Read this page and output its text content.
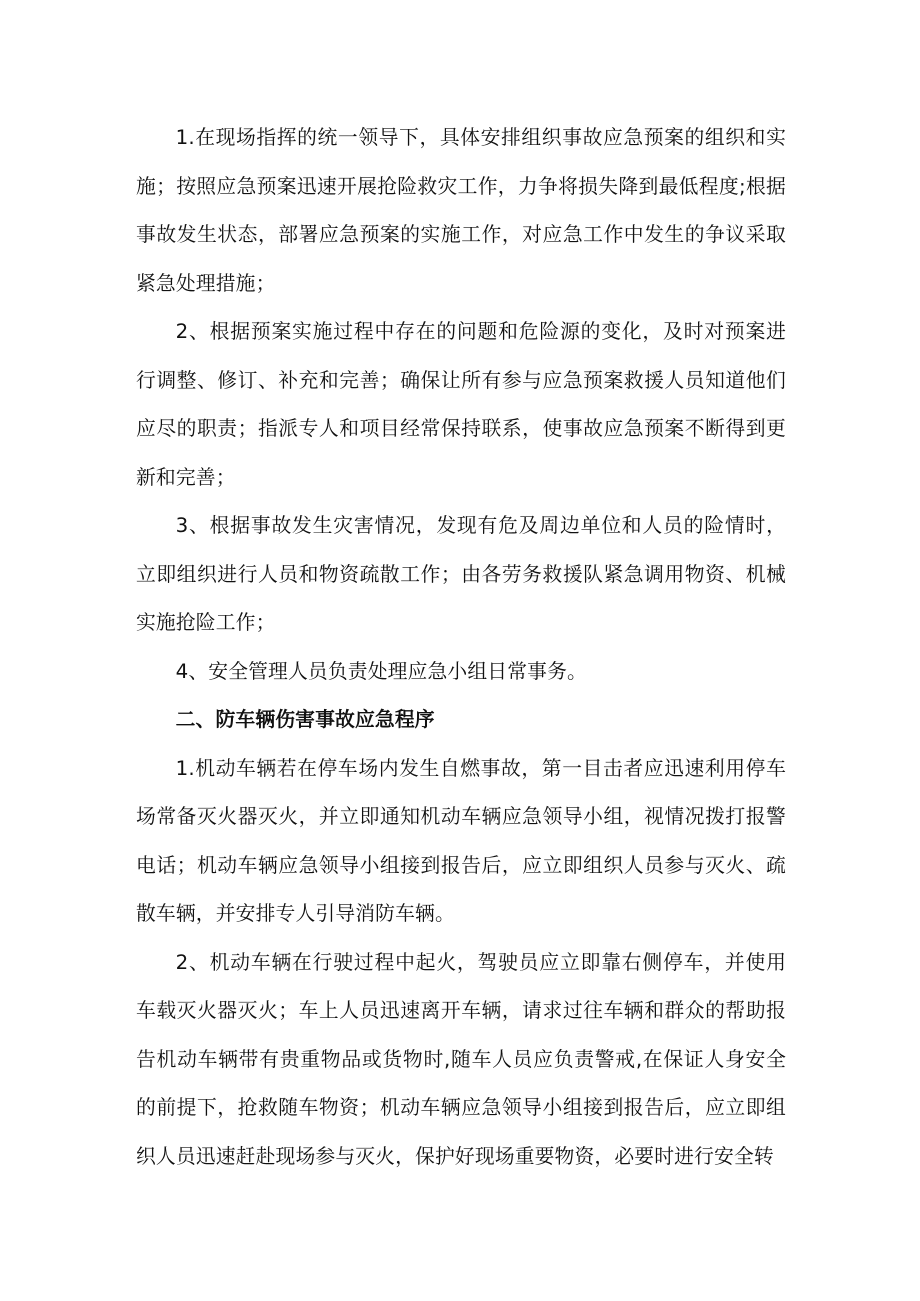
1.在现场指挥的统一领导下，具体安排组织事故应急预案的组织和实施；按照应急预案迅速开展抢险救灾工作，力争将损失降到最低程度;根据事故发生状态，部署应急预案的实施工作，对应急工作中发生的争议采取紧急处理措施；

2、根据预案实施过程中存在的问题和危险源的变化，及时对预案进行调整、修订、补充和完善；确保让所有参与应急预案救援人员知道他们应尽的职责；指派专人和项目经常保持联系，使事故应急预案不断得到更新和完善；

3、根据事故发生灾害情况，发现有危及周边单位和人员的险情时，立即组织进行人员和物资疏散工作；由各劳务救援队紧急调用物资、机械实施抢险工作；

4、安全管理人员负责处理应急小组日常事务。

二、防车辆伤害事故应急程序

1.机动车辆若在停车场内发生自燃事故，第一目击者应迅速利用停车场常备灭火器灭火，并立即通知机动车辆应急领导小组，视情况拨打报警电话；机动车辆应急领导小组接到报告后，应立即组织人员参与灭火、疏散车辆，并安排专人引导消防车辆。

2、机动车辆在行驶过程中起火，驾驶员应立即靠右侧停车，并使用车载灭火器灭火；车上人员迅速离开车辆，请求过往车辆和群众的帮助报告机动车辆带有贵重物品或货物时,随车人员应负责警戒,在保证人身安全的前提下，抢救随车物资；机动车辆应急领导小组接到报告后，应立即组织人员迅速赶赴现场参与灭火，保护好现场重要物资，必要时进行安全转
